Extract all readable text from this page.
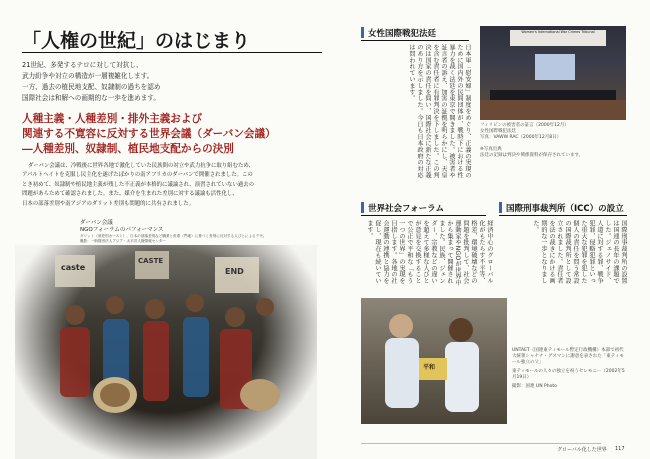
「人権の世紀」のはじまり
21世紀、多発するテロに対して対抗し、
武力紛争や対立の構造が一層複雑化します。
一方、過去の植民地支配、奴隷制の過ちを認め
国際社会は和解への画期的な一歩を進めます。
人種主義・人種差別・排外主義および
関連する不寛容に反対する世界会議（ダーバン会議）
―人種差別、奴隷制、植民地支配からの決別
ダーバン会議は、冷戦後に世界各地で激化していた民族間の対立や武力抗争に取り組むため、
アパルトヘイトを克服し民主化を遂げたばかりの南アフリカのダーバンで開催されました。この
とき初めて、奴隷制や植民地主義が残した不正義が本格的に議論され、演習されていない過去の
問題があらためて確認されました。また、媒介を生まれた差別に対する議論も活性化し、
日本の部落差別や南アジアのダリット差別も問題的に共有されました。
ダーバン会議
NGOフォーラムのパフォーマンス
ダリット（被差別カースト）、日本の部落差別など職業と世系（門地）に基づく差別に反対する人びとによるデモ。
撮影：一般財団法人アジア・太平洋人権情報センター
caste
CASTE
END
女性国際戦犯法廷
日本軍「慰安婦」制度をめぐり、正義の実現のために国内外の民間団体が、戦時下における性暴力を裁く法廷を東京で開きました。被害者や証言者の訴え、加害の証拠を明らかにし、天皇を含む責任者に有罪判決を下しました。この判決は国家の責任を問い、国際社会に新たな正義のあり方を示しました。今日も日本政府の対応は問われています。
Women's International War Crimes Tribunal
フィリピンの被害者の証言（2000年12月）
女性国際戦犯法廷
写真：VAWW RAC（2000年12月8日）
※写真出典
法廷の記録は判決や関係資料が保存されています。
世界社会フォーラム
経済中心のグローバル化がもたらす不平等、格差、環境破壊などの問題を批判して、社会運動家やNGOが世界中から集まって開催されました。民族、ジェンダー、宗教などの違いを超えて多様な人びとが意見を交換することで公正で平和な「もう一つの世界」の実現を目指します。各地の社会運動の連携と協力を促し、現在も続いています。
国際刑事裁判所（ICC）の設立
国際刑事裁判所の設置は国連の長年の課題でした。ジェノサイド、人道に対する罪、戦争犯罪、侵略犯罪といった重大な犯罪を犯した個人の責任を問う常設の国際裁判所として設立されました。責任者を法の裁きにかける画期的な一歩となりました。
平和
UNTAET（国連東ティモール暫定行政機構）本部で初代大統領シャナナ・グスマンに謝意を表された「東ティモール独立の父」
東ティモールの人々の独立を祝うセレモニー（2002年5月19日）
撮影：国連 UN Photo
グローバル化した世界 117
